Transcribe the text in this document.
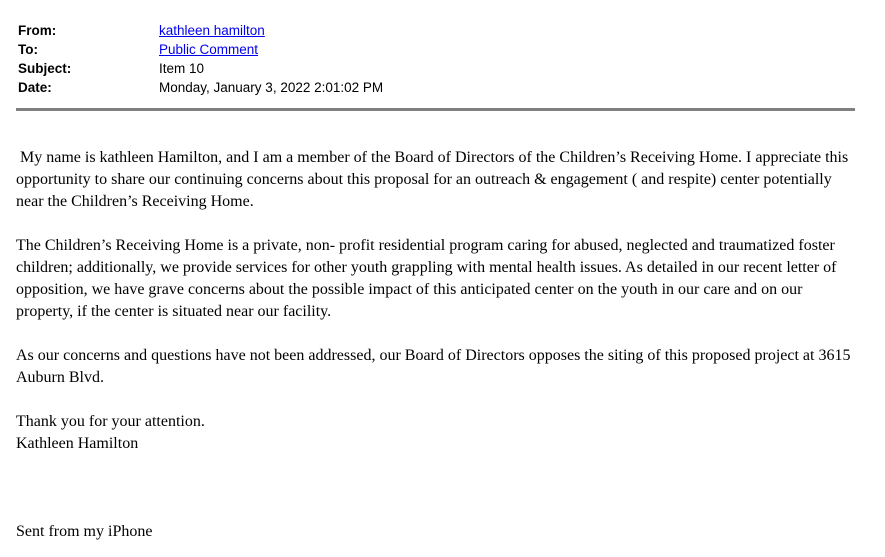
From:	kathleen hamilton
To:	Public Comment
Subject:	Item 10
Date:	Monday, January 3, 2022 2:01:02 PM

My name is kathleen Hamilton, and I am a member of the Board of Directors of the Children’s Receiving Home. I appreciate this opportunity to share our continuing concerns about this proposal for an outreach & engagement ( and respite) center potentially near the Children’s Receiving Home.

The Children’s Receiving Home is a private, non- profit residential program caring for abused, neglected and traumatized foster children; additionally, we provide services for other youth grappling with mental health issues. As detailed in our recent letter of opposition, we have grave concerns about the possible impact of this anticipated center on the youth in our care and on our property, if the center is situated near our facility.

As our concerns and questions have not been addressed, our Board of Directors opposes the siting of this proposed project at 3615 Auburn Blvd.

Thank you for your attention.

Kathleen Hamilton

Sent from my iPhone
